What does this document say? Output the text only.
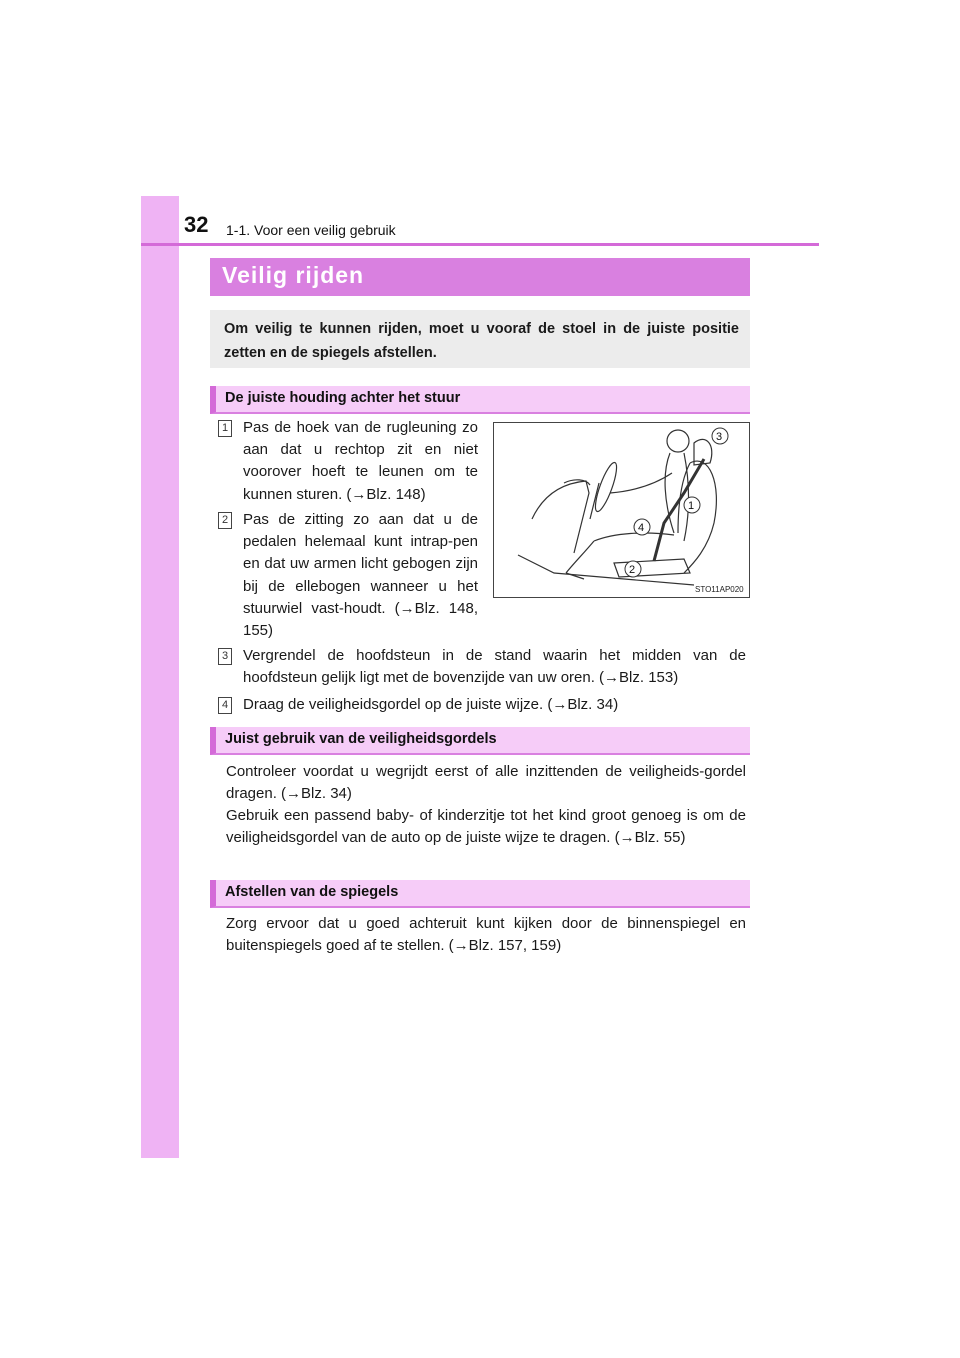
32 1-1. Voor een veilig gebruik
Veilig rijden

Om veilig te kunnen rijden, moet u vooraf de stoel in de juiste positie zetten en de spiegels afstellen.

De juiste houding achter het stuur
1 Pas de hoek van de rugleuning zo aan dat u rechtop zit en niet voorover hoeft te leunen om te kunnen sturen. (→Blz. 148)

2 Pas de zitting zo aan dat u de pedalen helemaal kunt intrap-pen en dat uw armen licht gebogen zijn bij de ellebogen wanneer u het stuurwiel vast-houdt. (→Blz. 148, 155)

3
1
4
2
STO11AP020
3 Vergrendel de hoofdsteun in de stand waarin het midden van de hoofdsteun gelijk ligt met de bovenzijde van uw oren. (→Blz. 153)

4 Draag de veiligheidsgordel op de juiste wijze. (→Blz. 34)

Juist gebruik van de veiligheidsgordels

Controleer voordat u wegrijdt eerst of alle inzittenden de veiligheids-gordel dragen. (→Blz. 34)

Gebruik een passend baby- of kinderzitje tot het kind groot genoeg is om de veiligheidsgordel van de auto op de juiste wijze te dragen. (→Blz. 55)

Afstellen van de spiegels

Zorg ervoor dat u goed achteruit kunt kijken door de binnenspiegel en buitenspiegels goed af te stellen. (→Blz. 157, 159)
